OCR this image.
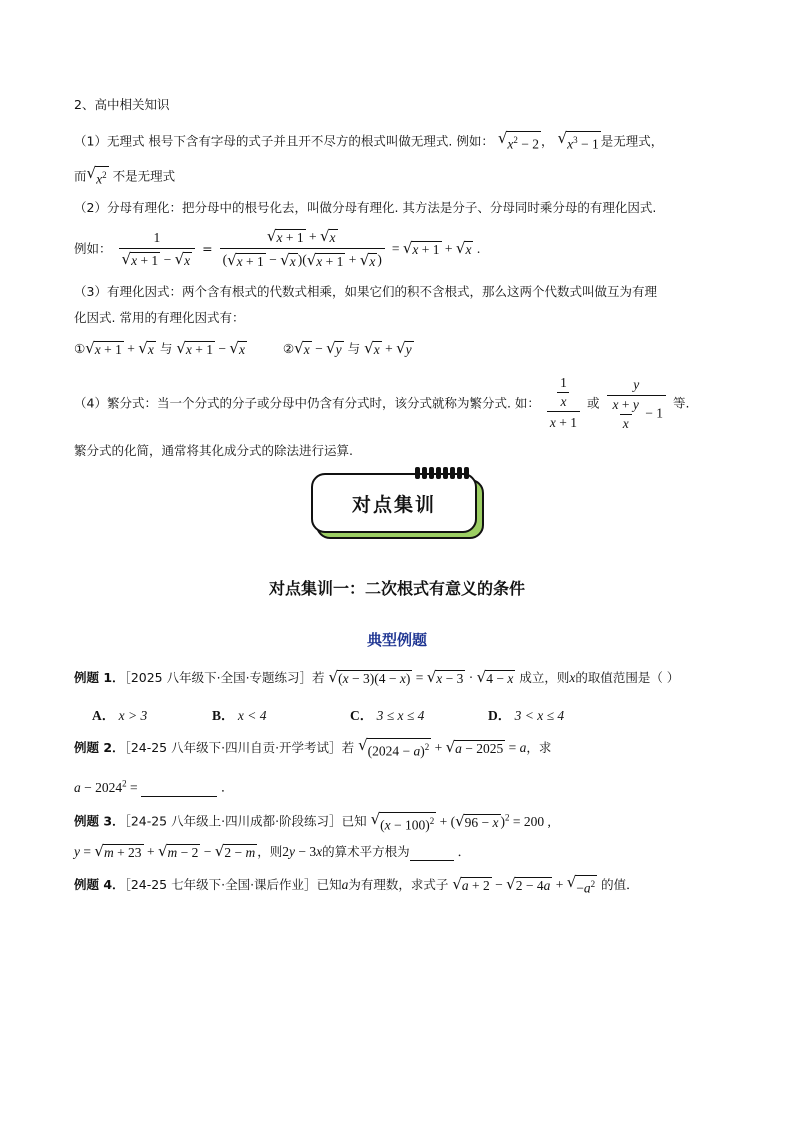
2、高中相关知识
（1）无理式 根号下含有字母的式子并且开不尽方的根式叫做无理式. 例如： √ $x^2 - 2$ ， √ $x^3 - 1$ 是无理式，
而 √ $x^2$ 不是无理式
（2）分母有理化：把分母中的根号化去，叫做分母有理化. 其方法是分子、分母同时乘分母的有理化因式.
例如： $\frac{1}{√ x + 1 - √ x} = \frac{√ x + 1 + √ x}{( √ x + 1 - √ x )( √ x + 1 + √ x )}$ = √ x + 1 + √ x .
（3）有理化因式：两个含有根式的代数式相乘，如果它们的积不含根式，那么这两个代数式叫做互为有理
化因式. 常用的有理化因式有：
① √ x + 1 + √ x 与 √ x + 1 − √ x	② √ x − √ y 与 √ x + √ y
（4）繁分式：当一个分式的分子或分母中仍含有分式时，该分式就称为繁分式. 如： $\frac{\frac{1}{x}}{x + 1}$ 或 $\frac{y}{\frac{x + y}{x} - 1}$ 等.
繁分式的化简，通常将其化成分式的除法进行运算.
对点集训
对点集训一：二次根式有意义的条件
典型例题
例题 1．［2025 八年级下·全国·专题练习］若 √ (x − 3)(4 − x) = √ x − 3 · √ 4 − x 成立，则x的取值范围是（ ）
A． x > 3	B． x < 4	C． 3 ≤ x ≤ 4	D． 3 < x ≤ 4
例题 2．［24-25 八年级下·四川自贡·开学考试］若 √ $(2024 - a)^2$ + √ a − 2025 = a，求
$a - 2024^2$ =	．
例题 3．［24-25 八年级上·四川成都·阶段练习］已知 √ $(x - 100)^2$ + ( √ 96 − x )$^2$ = 200 ,
y = √ m + 23 + √ m − 2 − √ 2 − m ，则2y − 3x的算术平方根为	．
例题 4．［24-25 七年级下·全国·课后作业］已知a为有理数，求式子 √ a + 2 − √ 2 − 4a + √ $-a^2$ 的值．
